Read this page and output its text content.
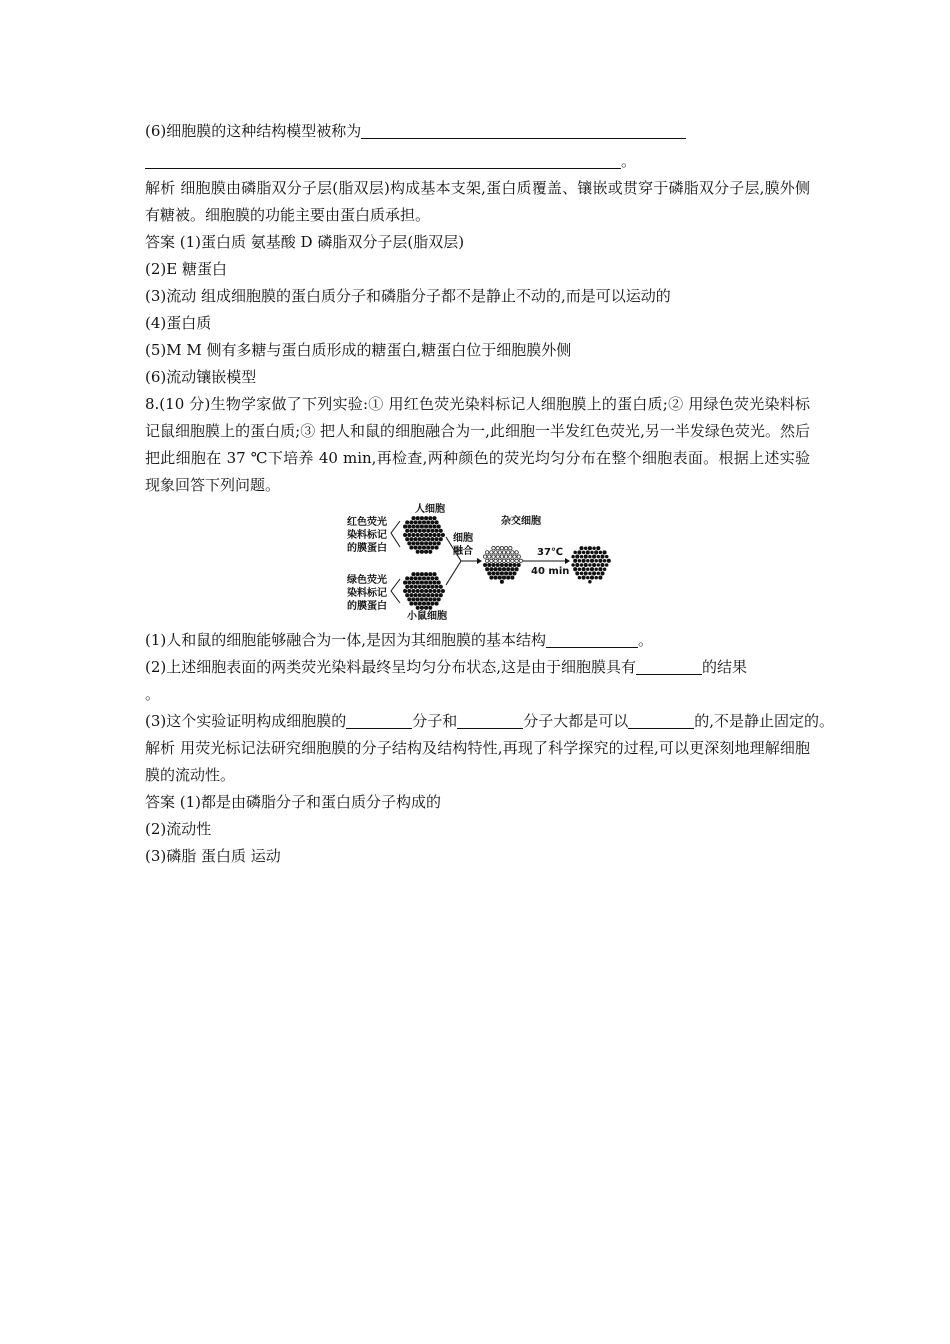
(6)细胞膜的这种结构模型被称为
。
解析 细胞膜由磷脂双分子层(脂双层)构成基本支架,蛋白质覆盖、镶嵌或贯穿于磷脂双分子层,膜外侧有糖被。细胞膜的功能主要由蛋白质承担。
答案 (1)蛋白质 氨基酸 D 磷脂双分子层(脂双层)
(2)E 糖蛋白
(3)流动 组成细胞膜的蛋白质分子和磷脂分子都不是静止不动的,而是可以运动的
(4)蛋白质
(5)M M 侧有多糖与蛋白质形成的糖蛋白,糖蛋白位于细胞膜外侧
(6)流动镶嵌模型
8.(10 分)生物学家做了下列实验:① 用红色荧光染料标记人细胞膜上的蛋白质;② 用绿色荧光染料标记鼠细胞膜上的蛋白质;③ 把人和鼠的细胞融合为一,此细胞一半发红色荧光,另一半发绿色荧光。然后把此细胞在 37 ℃下培养 40 min,再检查,两种颜色的荧光均匀分布在整个细胞表面。根据上述实验现象回答下列问题。
人细胞
红色荧光
染料标记
的膜蛋白
绿色荧光
染料标记
的膜蛋白
小鼠细胞
细胞
融合
杂交细胞
37℃
40 min
(1)人和鼠的细胞能够融合为一体,是因为其细胞膜的基本结构	。
(2)上述细胞表面的两类荧光染料最终呈均匀分布状态,这是由于细胞膜具有	的结果
。
(3)这个实验证明构成细胞膜的	分子和	分子大都是可以	的,不是静止固定的。
解析 用荧光标记法研究细胞膜的分子结构及结构特性,再现了科学探究的过程,可以更深刻地理解细胞膜的流动性。
答案 (1)都是由磷脂分子和蛋白质分子构成的
(2)流动性
(3)磷脂 蛋白质 运动
